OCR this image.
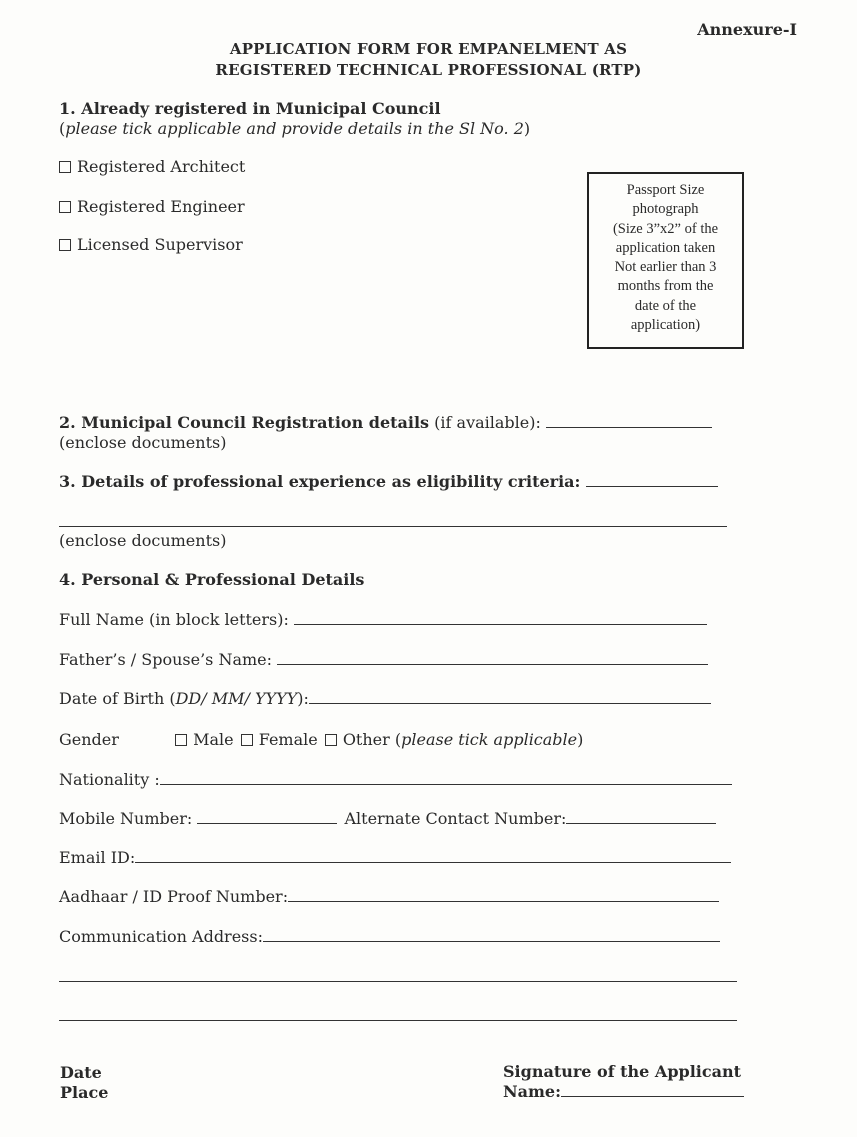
Annexure-I
APPLICATION FORM FOR EMPANELMENT AS
REGISTERED TECHNICAL PROFESSIONAL (RTP)
1. Already registered in Municipal Council
(please tick applicable and provide details in the Sl No. 2)
Registered Architect
Registered Engineer
Licensed Supervisor
Passport Size
photograph
(Size 3”x2” of the
application taken
Not earlier than 3
months from the
date of the
application)
2. Municipal Council Registration details (if available):
(enclose documents)
3. Details of professional experience as eligibility criteria:
(enclose documents)
4. Personal & Professional Details
Full Name (in block letters):
Father’s / Spouse’s Name:
Date of Birth (DD/ MM/ YYYY):
Gender	Male Female Other (please tick applicable)
Nationality :
Mobile Number:	Alternate Contact Number:
Email ID:
Aadhaar / ID Proof Number:
Communication Address:
Date
Place
Signature of the Applicant
Name:
